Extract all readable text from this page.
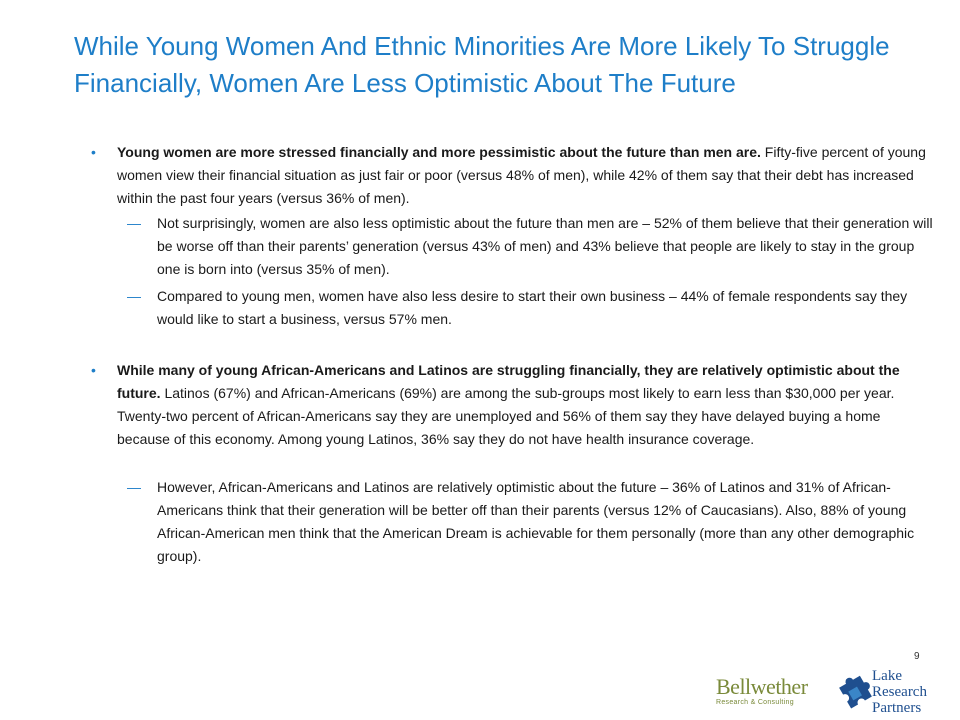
While Young Women And Ethnic Minorities Are More Likely To Struggle Financially, Women Are Less Optimistic About The Future
• Young women are more stressed financially and more pessimistic about the future than men are. Fifty-five percent of young women view their financial situation as just fair or poor (versus 48% of men), while 42% of them say that their debt has increased within the past four years (versus 36% of men).
— Not surprisingly, women are also less optimistic about the future than men are – 52% of them believe that their generation will be worse off than their parents’ generation (versus 43% of men) and 43% believe that people are likely to stay in the group one is born into (versus 35% of men).
— Compared to young men, women have also less desire to start their own business – 44% of female respondents say they would like to start a business, versus 57% men.
• While many of young African-Americans and Latinos are struggling financially, they are relatively optimistic about the future. Latinos (67%) and African-Americans (69%) are among the sub-groups most likely to earn less than $30,000 per year. Twenty-two percent of African-Americans say they are unemployed and 56% of them say they have delayed buying a home because of this economy. Among young Latinos, 36% say they do not have health insurance coverage.
— However, African-Americans and Latinos are relatively optimistic about the future – 36% of Latinos and 31% of African-Americans think that their generation will be better off than their parents (versus 12% of Caucasians). Also, 88% of young African-American men think that the American Dream is achievable for them personally (more than any other demographic group).
9
Bellwether
Research & Consulting
Lake
Research
Partners
